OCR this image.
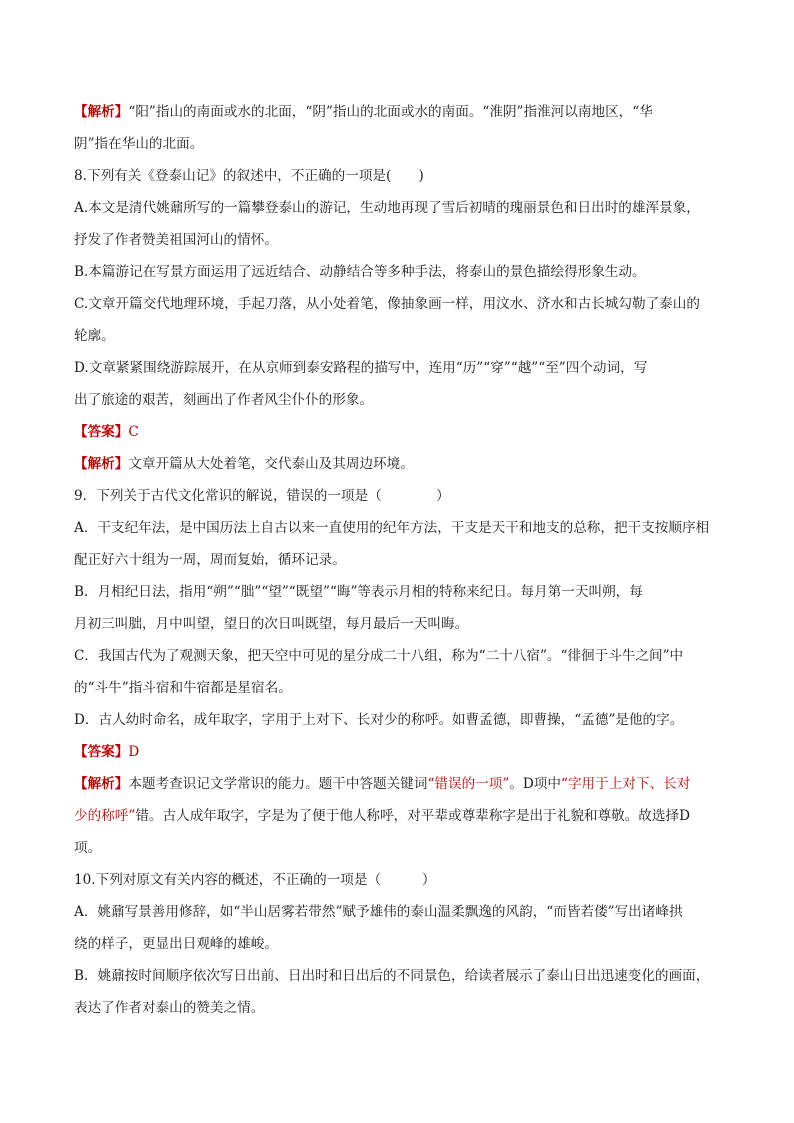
【解析】“阳”指山的南面或水的北面，“阴”指山的北面或水的南面。“淮阴”指淮河以南地区，“华
阴”指在华山的北面。
8.下列有关《登泰山记》的叙述中，不正确的一项是(　　)
A.本文是清代姚鼐所写的一篇攀登泰山的游记，生动地再现了雪后初晴的瑰丽景色和日出时的雄浑景象，
抒发了作者赞美祖国河山的情怀。
B.本篇游记在写景方面运用了远近结合、动静结合等多种手法，将泰山的景色描绘得形象生动。
C.文章开篇交代地理环境，手起刀落，从小处着笔，像抽象画一样，用汶水、济水和古长城勾勒了泰山的
轮廓。
D.文章紧紧围绕游踪展开，在从京师到泰安路程的描写中，连用“历”“穿”“越”“至”四个动词，写
出了旅途的艰苦，刻画出了作者风尘仆仆的形象。
【答案】C
【解析】文章开篇从大处着笔，交代泰山及其周边环境。
9．下列关于古代文化常识的解说，错误的一项是（　　　　）
A．干支纪年法，是中国历法上自古以来一直使用的纪年方法，干支是天干和地支的总称，把干支按顺序相
配正好六十组为一周，周而复始，循环记录。
B．月相纪日法，指用“朔”“朏”“望”“既望”“晦”等表示月相的特称来纪日。每月第一天叫朔，每
月初三叫朏，月中叫望，望日的次日叫既望，每月最后一天叫晦。
C．我国古代为了观测天象，把天空中可见的星分成二十八组，称为“二十八宿”。“徘徊于斗牛之间”中
的“斗牛”指斗宿和牛宿都是星宿名。
D．古人幼时命名，成年取字，字用于上对下、长对少的称呼。如曹孟德，即曹操，“孟德”是他的字。
【答案】D
【解析】本题考查识记文学常识的能力。题干中答题关键词“错误的一项”。D项中“字用于上对下、长对
少的称呼”错。古人成年取字，字是为了便于他人称呼，对平辈或尊辈称字是出于礼貌和尊敬。故选择D
项。
10.下列对原文有关内容的概述，不正确的一项是（　　　）
A．姚鼐写景善用修辞，如“半山居雾若带然”赋予雄伟的泰山温柔飘逸的风韵，“而皆若偻”写出诸峰拱
绕的样子，更显出日观峰的雄峻。
B．姚鼐按时间顺序依次写日出前、日出时和日出后的不同景色，给读者展示了泰山日出迅速变化的画面，
表达了作者对泰山的赞美之情。
